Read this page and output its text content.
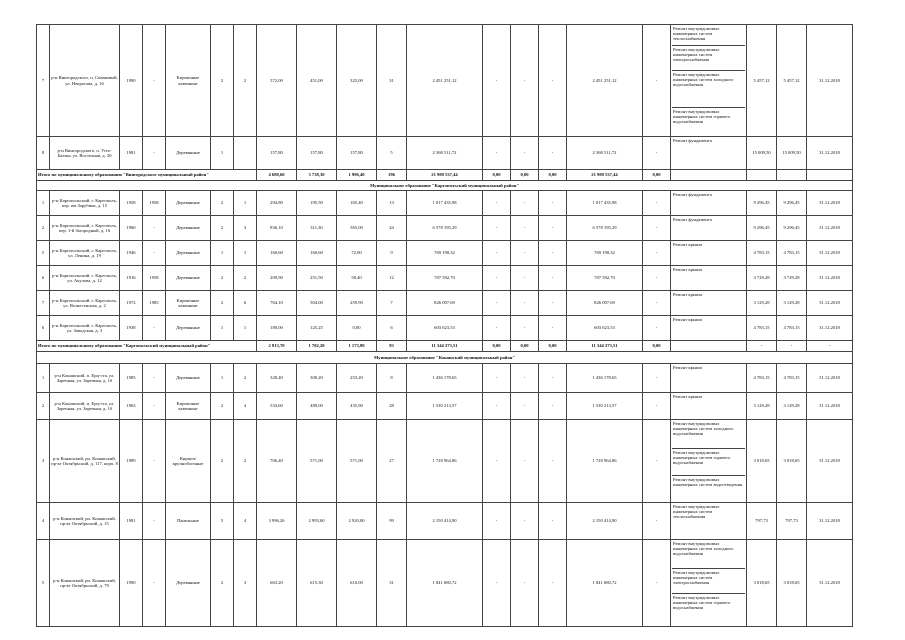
7	р-н Вингородского, п. Сиваковый, ул. Некрасова, д. 16	1990	-	Кирпичные каменные	2	2	572,00	451,00	325,00	31	2 451 251,12	-	-	-	2 451 251,12	-	Ремонт внутридомовых инженерных систем теплоснабжения
Ремонт внутридомовых инженерных систем электроснабжения
Ремонт внутридомовых инженерных систем холодного водоснабжения
Ремонт внутридомовых инженерных систем горячего водоснабжения	5 457,12	5 457,12	31.12.2018
8	р-н Вингородского, п. Усть-Балмы, ул. Восточная, д. 30	1981	-	Деревянные	1		157,80	157,80	157,80	5	2 368 511,72	-	-	-	2 368 511,72	-	Ремонт фундамента	15 009,50	15 009,50	31.12.2018
Итого по муниципальному образованию "Вингородского муниципальный район"							4 680,60	3 738,30	1 996,40	196	21 909 537,44	0,00	0,00	0,00	21 909 537,44	0,00				
Муниципальное образование "Каргопольский муниципальный район"																				
1	р-н Каргопольский, г. Каргополь, пер. им.Зарубина, д. 15	1958	1958	Деревянные	2	1	294,80	195,50	165,40	13	1 017 435,98	-	-	-	1 017 435,98	-	Ремонт фундамента	9 296,45	9 296,45	31.12.2018
2	р-н Каргопольский, г. Каргополь, пер. 1-й Загородный, д. 16	1960	-	Деревянные	2	3	836,10	311,30	565,00	44	6 578 195,29	-	-	-	6 578 195,29	-	Ремонт фундамента	9 296,45	9 296,45	31.12.2018
5	р-н Каргопольский, г. Каргополь, ул. Ленина, д. 19	1946	-	Деревянные	1	1	160,60	160,60	72,00	9	769 190,32	-	-	-	769 190,32	-	Ремонт крыши	4 783,15	4 783,15	31.12.2018
6	р-н Каргопольский, г. Каргополь, ул. Акулова, д. 12	1916	1958	Деревянные	2	2	209,90	251,50	58,40	12	787 592,70	-	-	-	787 592,70	-	Ремонт крыши	3 729,28	3 729,28	31.12.2018
7	р-н Каргопольский, г. Каргополь, ул. Вознесенская, д. 2	1972	1985	Кирпичные каменные	2	6	764,10	504,00	259,90	7	826 007,69	-	-	-	826 007,69	-	Ремонт крыши	3 129,28	3 129,28	31.12.2018
6	р-н Каргопольский, г. Каргополь, ул. Заводская, д. 3	1938	-	Деревянные	1	1	180,00	125,25	0,00	6	603 623,53	-	-	-	603 623,53	-	Ремонт крыши	4 783,15	4 783,15	31.12.2018
Итого по муниципальному образованию "Каргопольский муниципальный район"							2 813,70	1 702,20	1 173,80	93	11 344 373,51	0,00	0,00	0,00	11 344 373,51	0,00		-	-	-
Муниципальное образование "Конашский муниципальный район"																				
1	р-н Конашский, п. Ерц-ста, ул. Заречная, ул. Заречная, д. 1б	1985	-	Деревянные	1	2	328,40	300,20	253,20	8	1 436 178,65	-	-	-	1 436 178,65	-	Ремонт крыши	4 783,15	4 783,15	31.12.2018
2	р-н Конашский, п. Ерц-ста, ул. Заречная, ул. Заречная, д. 1б	1963	-	Кирпичные каменные	2	4	533,60	489,00	435,90	28	1 530 213,57	-	-	-	1 530 213,57	-	Ремонт крыши	3 129,28	3 129,28	31.12.2018
3	р-н Конашский, рп. Конашский, пр-кт Октябрьский, д. 117, корп. 8	1989	-	Кирпич/ крупноблочные	2	2	706,40	571,00	571,00	27	1 728 964,86	-	-	-	1 728 964,86	-	Ремонт внутридомовых инженерных систем холодного водоснабжения
Ремонт внутридомовых инженерных систем горячего водоснабжения
Ремонт внутридомовых инженерных систем водоотведения	3 018,65	3 018,65	31.12.2018
4	р-н Конашский, рп. Конашский, пр-кт Октябрьский, д. 15	1981	-	Панельные	5	4	3 996,26	2 993,60	2 920,00	99	2 150 414,90	-	-	-	2 150 414,90	-	Ремонт внутридомовых инженерных систем теплоснабжения	797,73	797,73	31.12.2018
5	р-н Конашский, рп. Конашский, пр-кт Октябрьский, д. 79	1990	-	Деревянные	2	3	663,20	615,30	610,00	31	1 841 680,72	-	-	-	1 841 680,72	-	Ремонт внутридомовых инженерных систем холодного водоснабжения
Ремонт внутридомовых инженерных систем электроснабжения
Ремонт внутридомовых инженерных систем горячего водоснабжения	3 018,65	3 018,65	31.12.2018
